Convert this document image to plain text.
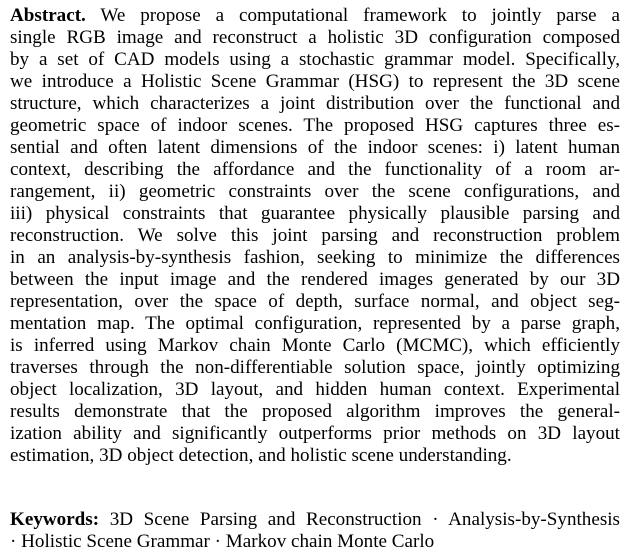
Abstract. We propose a computational framework to jointly parse a
single RGB image and reconstruct a holistic 3D configuration composed
by a set of CAD models using a stochastic grammar model. Specifically,
we introduce a Holistic Scene Grammar (HSG) to represent the 3D scene
structure, which characterizes a joint distribution over the functional and
geometric space of indoor scenes. The proposed HSG captures three es-
sential and often latent dimensions of the indoor scenes: i) latent human
context, describing the affordance and the functionality of a room ar-
rangement, ii) geometric constraints over the scene configurations, and
iii) physical constraints that guarantee physically plausible parsing and
reconstruction. We solve this joint parsing and reconstruction problem
in an analysis-by-synthesis fashion, seeking to minimize the differences
between the input image and the rendered images generated by our 3D
representation, over the space of depth, surface normal, and object seg-
mentation map. The optimal configuration, represented by a parse graph,
is inferred using Markov chain Monte Carlo (MCMC), which efficiently
traverses through the non-differentiable solution space, jointly optimizing
object localization, 3D layout, and hidden human context. Experimental
results demonstrate that the proposed algorithm improves the general-
ization ability and significantly outperforms prior methods on 3D layout
estimation, 3D object detection, and holistic scene understanding.
Keywords: 3D Scene Parsing and Reconstruction · Analysis-by-Synthesis
· Holistic Scene Grammar · Markov chain Monte Carlo
